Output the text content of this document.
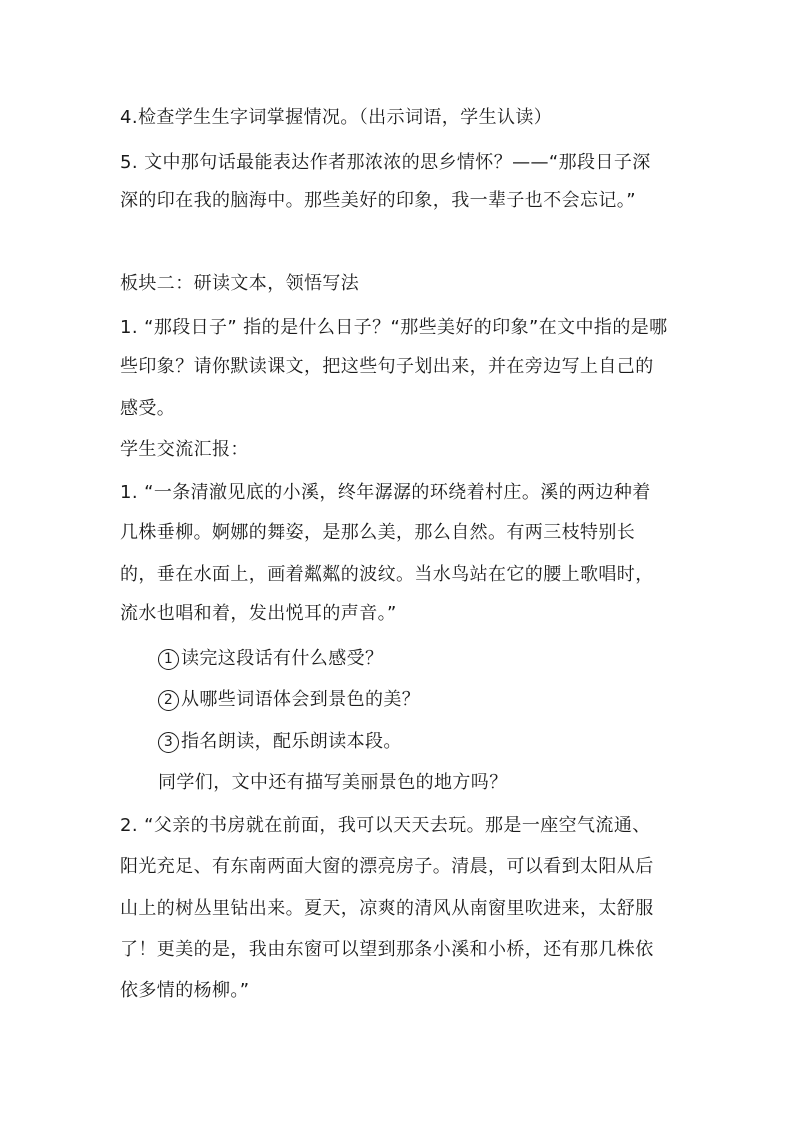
4.检查学生生字词掌握情况。（出示词语，学生认读）

5. 文中那句话最能表达作者那浓浓的思乡情怀？——“那段日子深

深的印在我的脑海中。那些美好的印象，我一辈子也不会忘记。”

板块二：研读文本，领悟写法

1. “那段日子” 指的是什么日子？“那些美好的印象”在文中指的是哪

些印象？请你默读课文，把这些句子划出来，并在旁边写上自己的

感受。

学生交流汇报：

1. “一条清澈见底的小溪，终年潺潺的环绕着村庄。溪的两边种着

几株垂柳。婀娜的舞姿，是那么美，那么自然。有两三枝特别长

的，垂在水面上，画着粼粼的波纹。当水鸟站在它的腰上歌唱时，

流水也唱和着，发出悦耳的声音。”

1 读完这段话有什么感受？

2 从哪些词语体会到景色的美？

3 指名朗读，配乐朗读本段。

同学们，文中还有描写美丽景色的地方吗？

2. “父亲的书房就在前面，我可以天天去玩。那是一座空气流通、

阳光充足、有东南两面大窗的漂亮房子。清晨，可以看到太阳从后

山上的树丛里钻出来。夏天，凉爽的清风从南窗里吹进来，太舒服

了！更美的是，我由东窗可以望到那条小溪和小桥，还有那几株依

依多情的杨柳。”
